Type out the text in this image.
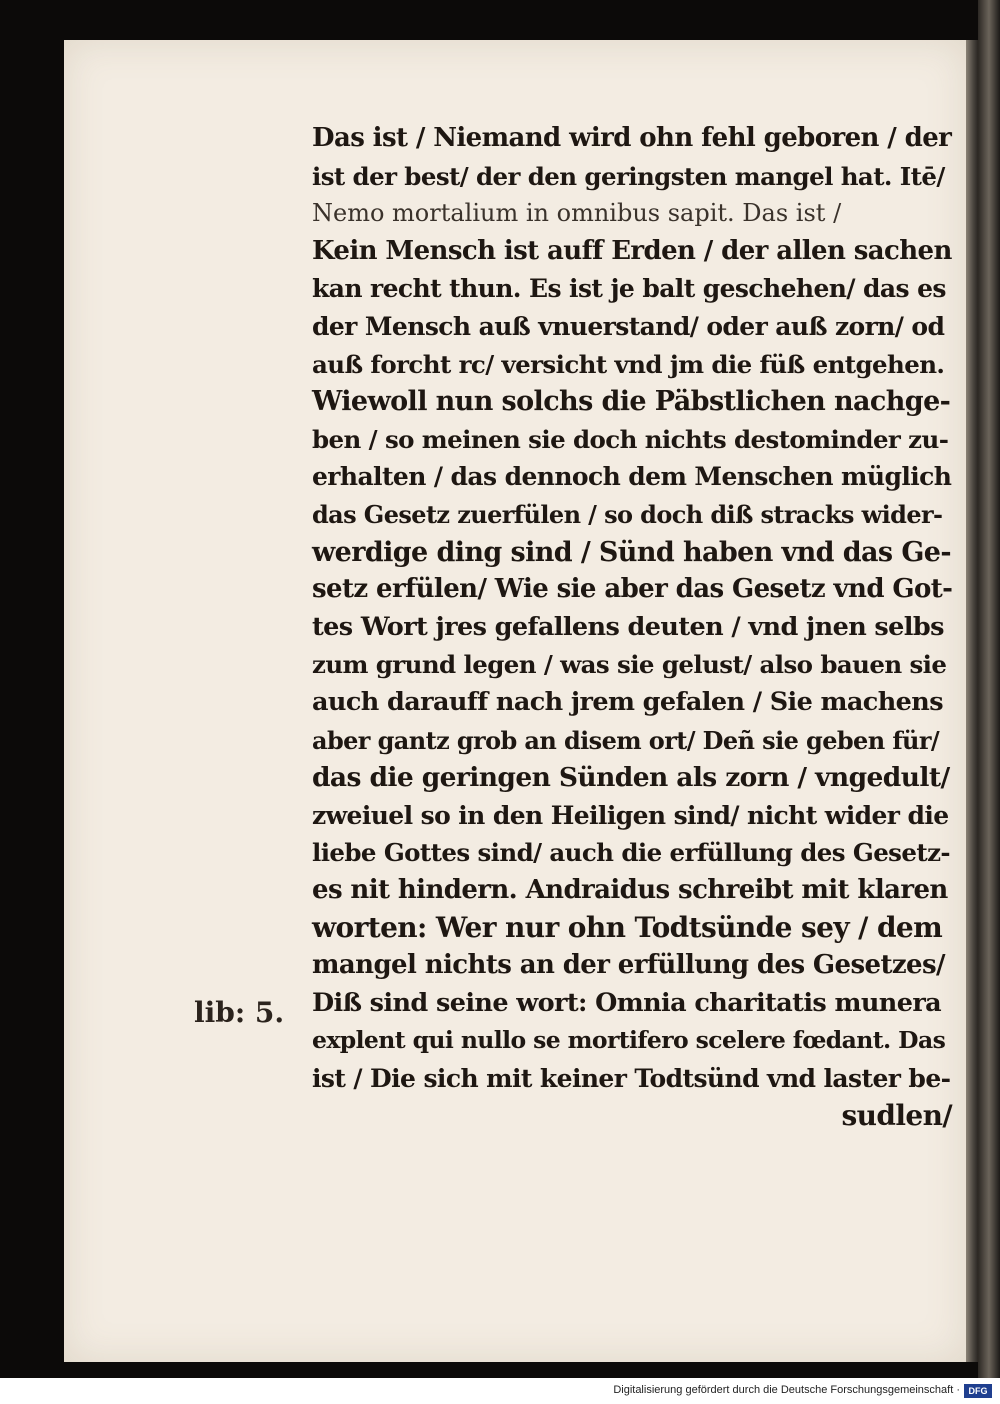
Das ist / Niemand wird ohn fehl geboren / der
ist der best/ der den geringsten mangel hat. Itē/
Nemo mortalium in omnibus sapit. Das ist /
Kein Mensch ist auff Erden / der allen sachen
kan recht thun. Es ist je balt geschehen/ das es
der Mensch auß vnuerstand/ oder auß zorn/ od
auß forcht rc/ versicht vnd jm die füß entgehen.
Wiewoll nun solchs die Päbstlichen nachge-
ben / so meinen sie doch nichts destominder zu-
erhalten / das dennoch dem Menschen müglich
das Gesetz zuerfülen / so doch diß stracks wider-
werdige ding sind / Sünd haben vnd das Ge-
setz erfülen/ Wie sie aber das Gesetz vnd Got-
tes Wort jres gefallens deuten / vnd jnen selbs
zum grund legen / was sie gelust/ also bauen sie
auch darauff nach jrem gefalen / Sie machens
aber gantz grob an disem ort/ Deñ sie geben für/
das die geringen Sünden als zorn / vngedult/
zweiuel so in den Heiligen sind/ nicht wider die
liebe Gottes sind/ auch die erfüllung des Gesetz-
es nit hindern. Andraidus schreibt mit klaren
worten: Wer nur ohn Todtsünde sey / dem
mangel nichts an der erfüllung des Gesetzes/
Diß sind seine wort: Omnia charitatis munera
explent qui nullo se mortifero scelere fœdant. Das
ist / Die sich mit keiner Todtsünd vnd laster be-
sudlen/
lib: 5.
Digitalisierung gefördert durch die Deutsche Forschungsgemeinschaft · DFG
